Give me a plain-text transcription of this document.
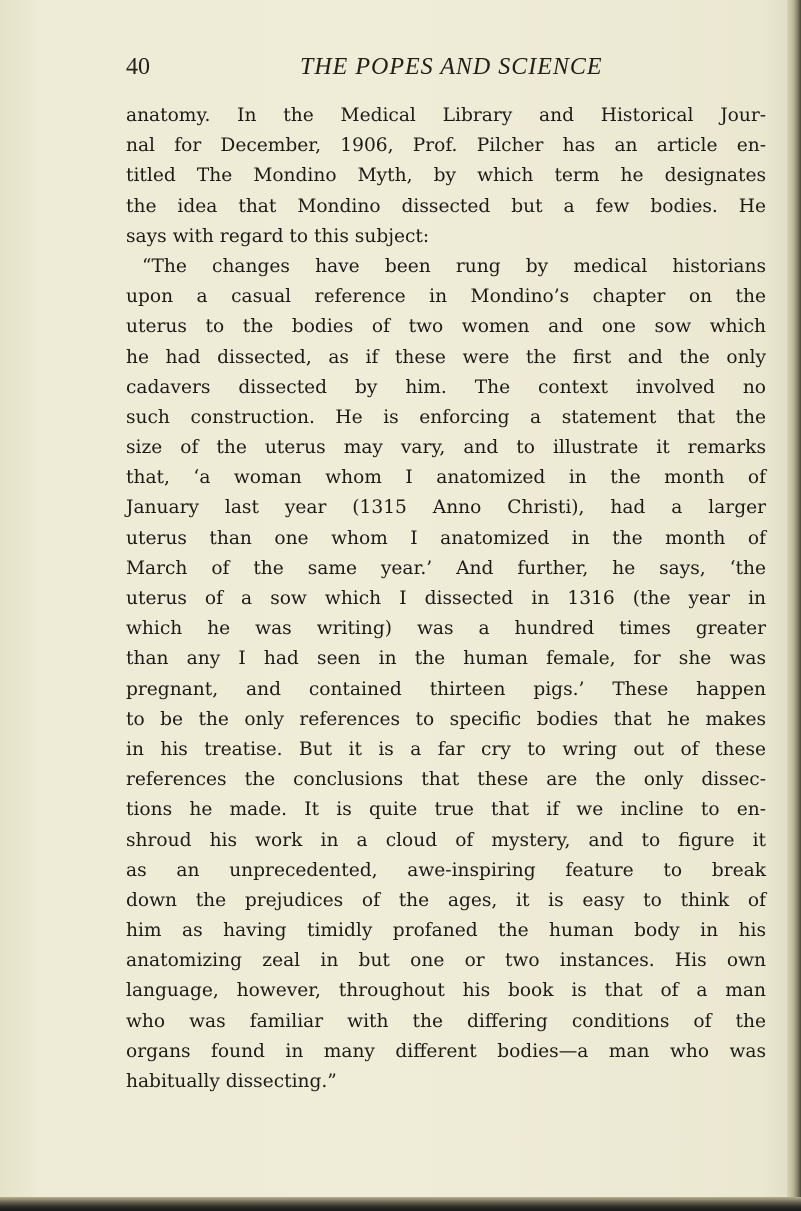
40	THE POPES AND SCIENCE
anatomy. In the Medical Library and Historical Jour-
nal for December, 1906, Prof. Pilcher has an article en-
titled The Mondino Myth, by which term he designates
the idea that Mondino dissected but a few bodies. He
says with regard to this subject:
“The changes have been rung by medical historians
upon a casual reference in Mondino’s chapter on the
uterus to the bodies of two women and one sow which
he had dissected, as if these were the first and the only
cadavers dissected by him. The context involved no
such construction. He is enforcing a statement that the
size of the uterus may vary, and to illustrate it remarks
that, ‘a woman whom I anatomized in the month of
January last year (1315 Anno Christi), had a larger
uterus than one whom I anatomized in the month of
March of the same year.’ And further, he says, ‘the
uterus of a sow which I dissected in 1316 (the year in
which he was writing) was a hundred times greater
than any I had seen in the human female, for she was
pregnant, and contained thirteen pigs.’ These happen
to be the only references to specific bodies that he makes
in his treatise. But it is a far cry to wring out of these
references the conclusions that these are the only dissec-
tions he made. It is quite true that if we incline to en-
shroud his work in a cloud of mystery, and to figure it
as an unprecedented, awe-inspiring feature to break
down the prejudices of the ages, it is easy to think of
him as having timidly profaned the human body in his
anatomizing zeal in but one or two instances. His own
language, however, throughout his book is that of a man
who was familiar with the differing conditions of the
organs found in many different bodies—a man who was
habitually dissecting.”
